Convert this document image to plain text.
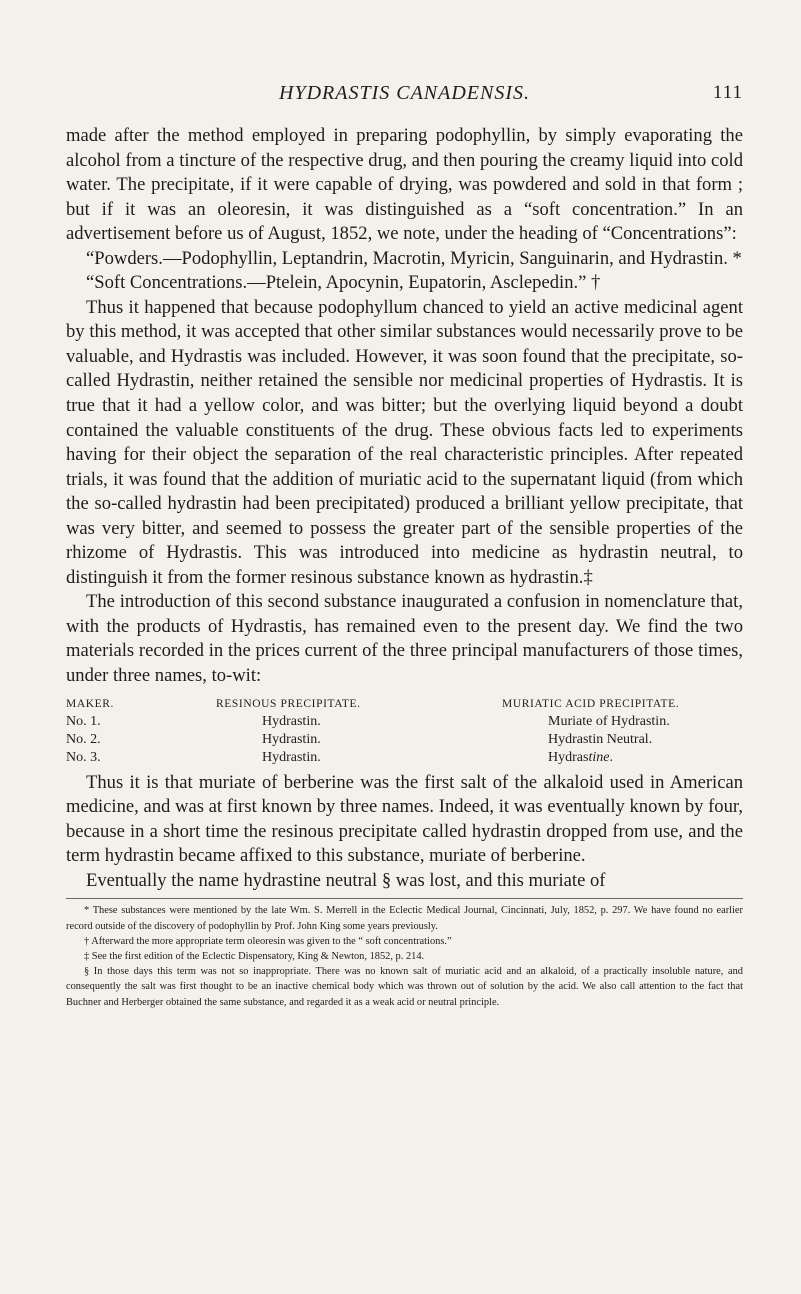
HYDRASTIS CANADENSIS.	111

made after the method employed in preparing podophyllin, by simply evaporating the alcohol from a tincture of the respective drug, and then pouring the creamy liquid into cold water. The precipitate, if it were capable of drying, was powdered and sold in that form ; but if it was an oleoresin, it was distinguished as a “soft concentration.” In an advertisement before us of August, 1852, we note, under the heading of “Concentrations”:

“Powders.—Podophyllin, Leptandrin, Macrotin, Myricin, Sanguinarin, and Hydrastin. *

“Soft Concentrations.—Ptelein, Apocynin, Eupatorin, Asclepedin.” †

Thus it happened that because podophyllum chanced to yield an active medicinal agent by this method, it was accepted that other similar substances would necessarily prove to be valuable, and Hydrastis was included. However, it was soon found that the precipitate, so-called Hydrastin, neither retained the sensible nor medicinal properties of Hydrastis. It is true that it had a yellow color, and was bitter; but the overlying liquid beyond a doubt contained the valuable constituents of the drug. These obvious facts led to experiments having for their object the separation of the real characteristic principles. After repeated trials, it was found that the addition of muriatic acid to the supernatant liquid (from which the so-called hydrastin had been precipitated) produced a brilliant yellow precipitate, that was very bitter, and seemed to possess the greater part of the sensible properties of the rhizome of Hydrastis. This was introduced into medicine as hydrastin neutral, to distinguish it from the former resinous substance known as hydrastin.‡

The introduction of this second substance inaugurated a confusion in nomenclature that, with the products of Hydrastis, has remained even to the present day. We find the two materials recorded in the prices current of the three principal manufacturers of those times, under three names, to-wit:

MAKER.	RESINOUS PRECIPITATE.	MURIATIC ACID PRECIPITATE.
No. 1.	Hydrastin.	Muriate of Hydrastin.
No. 2.	Hydrastin.	Hydrastin Neutral.
No. 3.	Hydrastin.	Hydrastine.

Thus it is that muriate of berberine was the first salt of the alkaloid used in American medicine, and was at first known by three names. Indeed, it was eventually known by four, because in a short time the resinous precipitate called hydrastin dropped from use, and the term hydrastin became affixed to this substance, muriate of berberine.

Eventually the name hydrastine neutral § was lost, and this muriate of

* These substances were mentioned by the late Wm. S. Merrell in the Eclectic Medical Journal, Cincinnati, July, 1852, p. 297. We have found no earlier record outside of the discovery of podophyllin by Prof. John King some years previously.

† Afterward the more appropriate term oleoresin was given to the “ soft concentrations.”

‡ See the first edition of the Eclectic Dispensatory, King & Newton, 1852, p. 214.

§ In those days this term was not so inappropriate. There was no known salt of muriatic acid and an alkaloid, of a practically insoluble nature, and consequently the salt was first thought to be an inactive chemical body which was thrown out of solution by the acid. We also call attention to the fact that Buchner and Herberger obtained the same substance, and regarded it as a weak acid or neutral principle.
